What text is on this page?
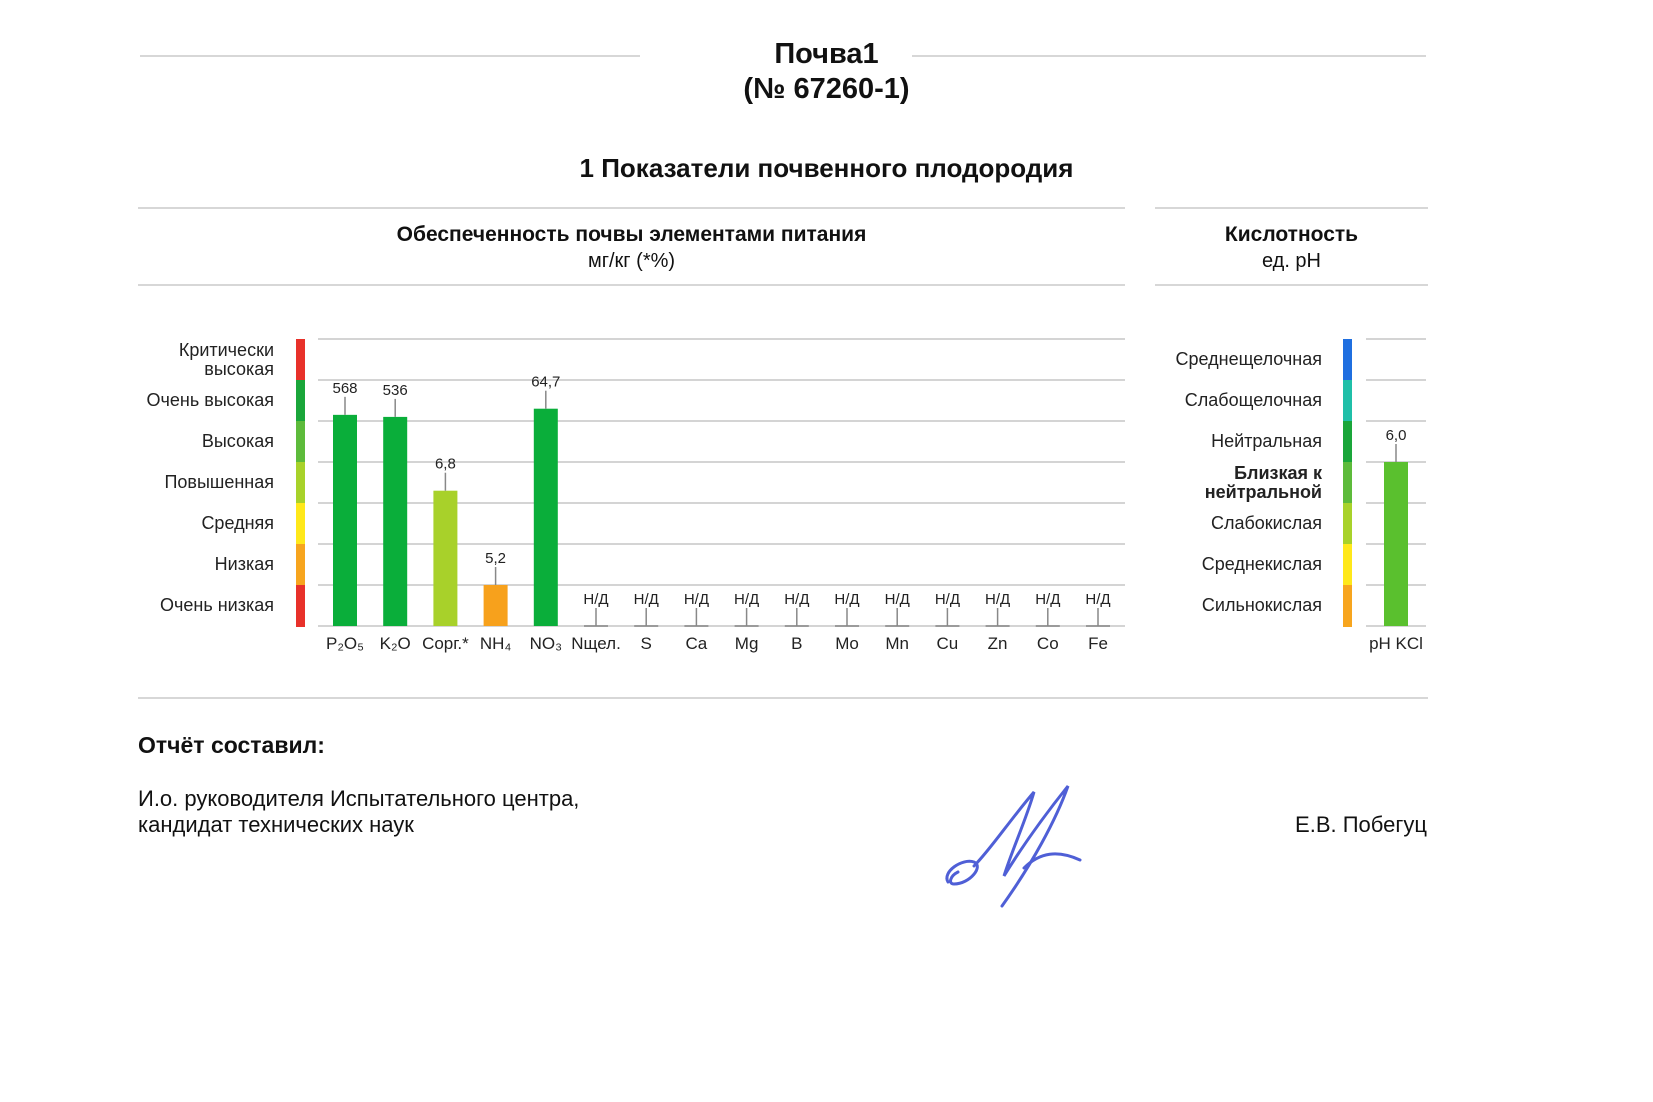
Почва1
(№ 67260-1)
1 Показатели почвенного плодородия
Обеспеченность почвы элементами питания
мг/кг (*%)
Кислотность
ед. pH
Критически высокая
Очень высокая
Высокая
Повышенная
Средняя
Низкая
Очень низкая
Среднещелочная
Слабощелочная
Нейтральная
Близкая к нейтральной
Слабокислая
Среднекислая
Сильнокислая
568
P₂O₅
536
K₂O
6,8
Cорг.*
5,2
NH₄
64,7
NO₃
Н/Д
Nщел.
Н/Д
S
Н/Д
Ca
Н/Д
Mg
Н/Д
B
Н/Д
Mo
Н/Д
Mn
Н/Д
Cu
Н/Д
Zn
Н/Д
Co
Н/Д
Fe
6,0
pH KCl
Отчёт составил:
И.о. руководителя Испытательного центра,
кандидат технических наук	Е.В. Побегуц
